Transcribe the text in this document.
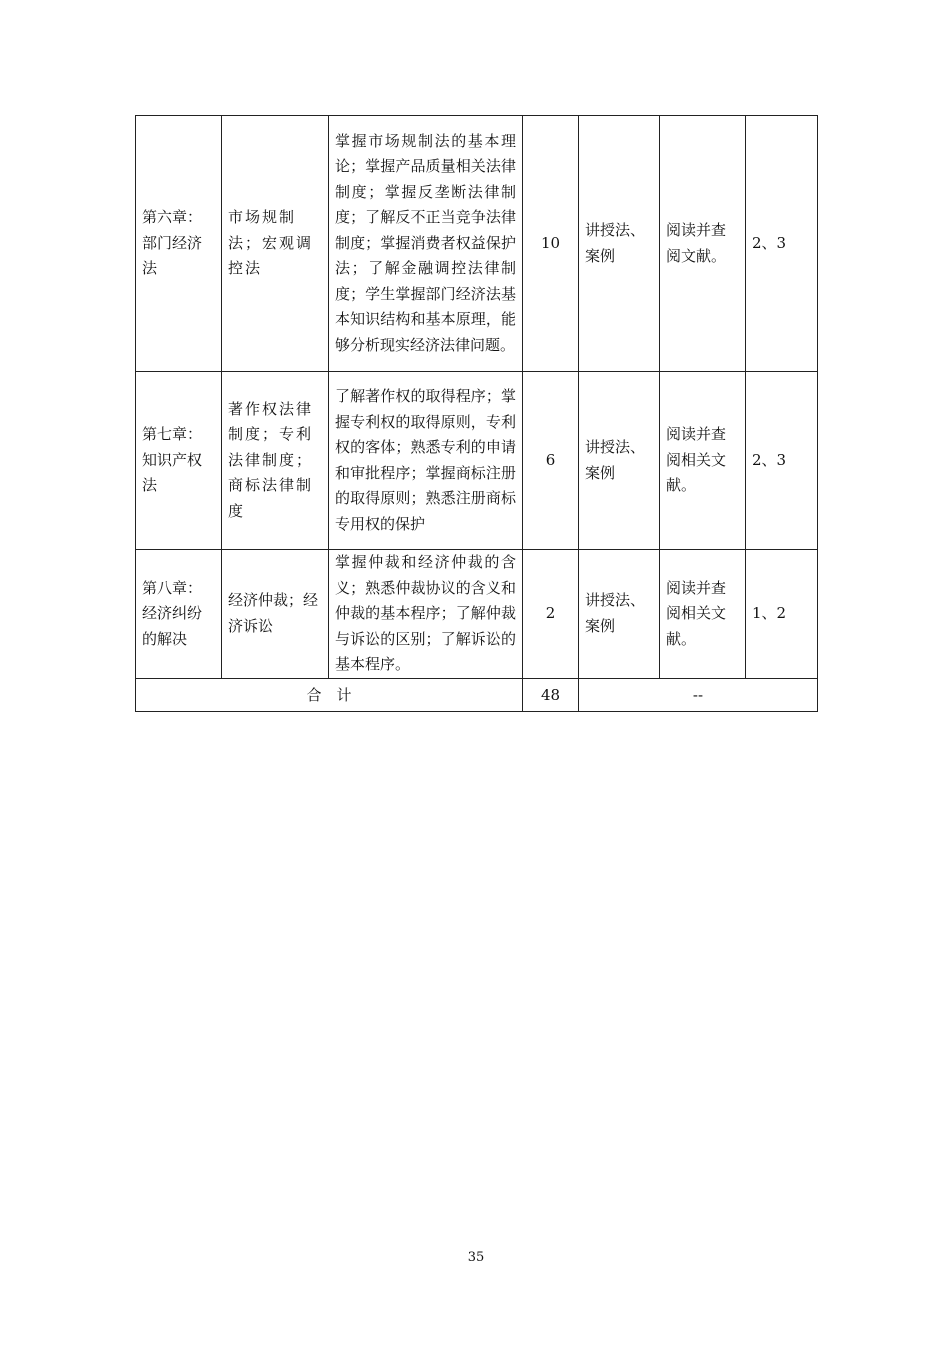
第六章：部门经济法	市场规制法；宏观调控法	掌握市场规制法的基本理论；掌握产品质量相关法律制度；掌握反垄断法律制度；了解反不正当竞争法律制度；掌握消费者权益保护法；了解金融调控法律制度；学生掌握部门经济法基本知识结构和基本原理，能够分析现实经济法律问题。	10	讲授法、案例	阅读并查阅文献。	2、3
第七章：知识产权法	著作权法律制度；专利法律制度；商标法律制度	了解著作权的取得程序；掌握专利权的取得原则，专利权的客体；熟悉专利的申请和审批程序；掌握商标注册的取得原则；熟悉注册商标专用权的保护	6	讲授法、案例	阅读并查阅相关文献。	2、3
第八章：经济纠纷的解决	经济仲裁；经济诉讼	掌握仲裁和经济仲裁的含义；熟悉仲裁协议的含义和仲裁的基本程序；了解仲裁与诉讼的区别；了解诉讼的基本程序。	2	讲授法、案例	阅读并查阅相关文献。	1、2
合　计			48	--		
35
